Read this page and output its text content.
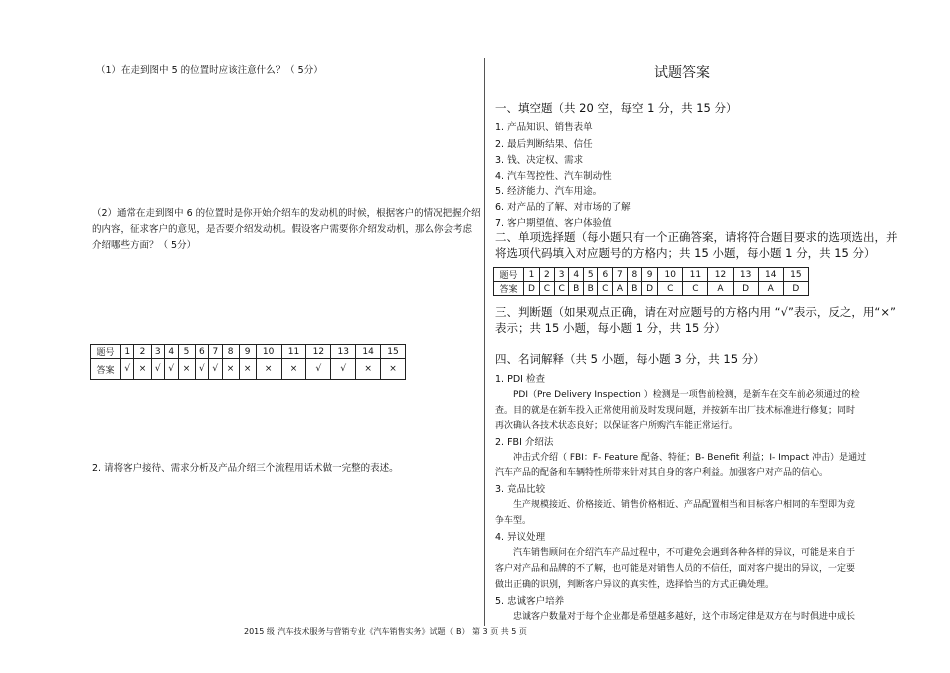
（1）在走到图中 5 的位置时应该注意什么？（ 5分）
（2）通常在走到图中 6 的位置时是你开始介绍车的发动机的时候，根据客户的情况把握介绍
的内容，征求客户的意见，是否要介绍发动机。假设客户需要你介绍发动机，那么你会考虑
介绍哪些方面？（ 5分）
题号	1	2	3	4	5	6	7	8	9	10	11	12	13	14	15
答案	√	×	√	√	×	√	√	×	×	×	×	√	√	×	×
2. 请将客户接待、需求分析及产品介绍三个流程用话术做一完整的表述。
试题答案
一、填空题（共 20 空，每空 1 分，共 15 分）
1. 产品知识、销售表单
2. 最后判断结果、信任
3. 钱、决定权、需求
4. 汽车驾控性、汽车制动性
5. 经济能力、汽车用途。
6. 对产品的了解、对市场的了解
7. 客户期望值、客户体验值
二、单项选择题（每小题只有一个正确答案，请将符合题目要求的选项选出，并
将选项代码填入对应题号的方格内；共 15 小题，每小题 1 分，共 15 分）
题号	1	2	3	4	5	6	7	8	9	10	11	12	13	14	15
答案	D	C	C	B	B	C	A	B	D	C	C	A	D	A	D
三、判断题（如果观点正确，请在对应题号的方格内用 “√”表示，反之，用“×”
表示；共 15 小题，每小题 1 分，共 15 分）
四、名词解释（共 5 小题，每小题 3 分，共 15 分）
1. PDI 检查
PDI（Pre Delivery Inspection ）检测是一项售前检测，是新车在交车前必须通过的检
查。目的就是在新车投入正常使用前及时发现问题，并按新车出厂技术标准进行修复；同时
再次确认各技术状态良好；以保证客户所购汽车能正常运行。
2. FBI 介绍法
冲击式介绍（ FBI：F- Feature 配备、特征；B- Benefit 利益；I- Impact 冲击）是通过
汽车产品的配备和车辆特性所带来针对其自身的客户利益。加强客户对产品的信心。
3. 竞品比较
生产规模接近、价格接近、销售价格相近、产品配置相当和目标客户相同的车型即为竞
争车型。
4. 异议处理
汽车销售顾问在介绍汽车产品过程中，不可避免会遇到各种各样的异议，可能是来自于
客户对产品和品牌的不了解，也可能是对销售人员的不信任，面对客户提出的异议，一定要
做出正确的识别，判断客户异议的真实性，选择恰当的方式正确处理。
5. 忠诚客户培养
忠诚客户数量对于每个企业都是希望越多越好，这个市场定律是双方在与时俱进中成长
2015 级 汽车技术服务与营销专业《汽车销售实务》试题（ B） 第 3 页 共 5 页
